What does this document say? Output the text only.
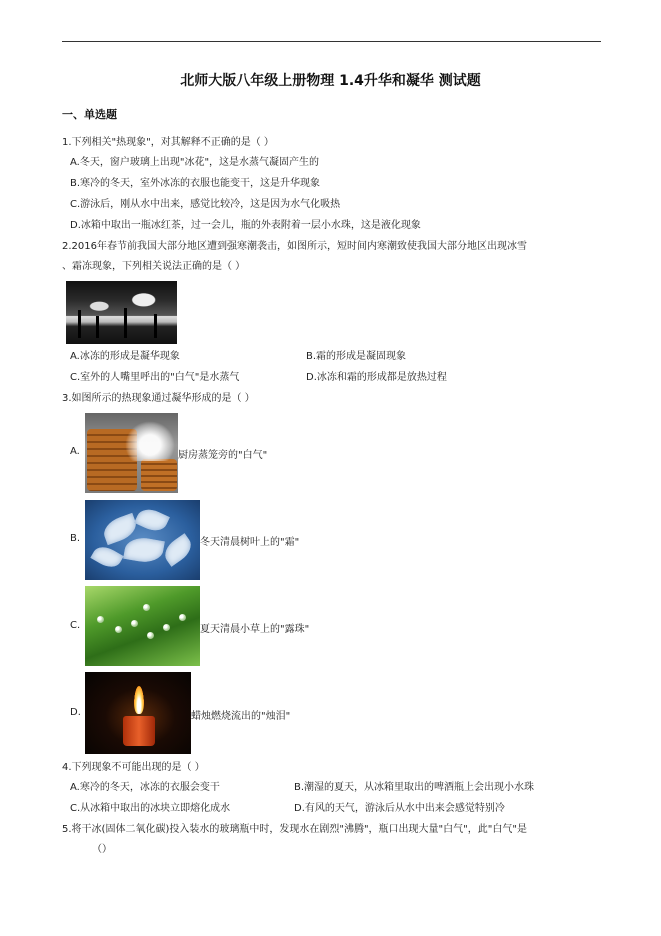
北师大版八年级上册物理 1.4升华和凝华 测试题
一、单选题
1.下列相关"热现象"，对其解释不正确的是（ ）
A.冬天，窗户玻璃上出现"冰花"，这是水蒸气凝固产生的
B.寒冷的冬天，室外冰冻的衣服也能变干，这是升华现象
C.游泳后，刚从水中出来，感觉比较冷，这是因为水气化吸热
D.冰箱中取出一瓶冰红茶，过一会儿，瓶的外表附着一层小水珠，这是液化现象
2.2016年春节前我国大部分地区遭到强寒潮袭击，如图所示，短时间内寒潮致使我国大部分地区出现冰雪
、霜冻现象，下列相关说法正确的是（ ）
A.冰冻的形成是凝华现象	B.霜的形成是凝固现象
C.室外的人嘴里呼出的"白气"是水蒸气	D.冰冻和霜的形成都是放热过程
3.如图所示的热现象通过凝华形成的是（ ）
A.	厨房蒸笼旁的"白气"
B.	冬天清晨树叶上的"霜"
C.	夏天清晨小草上的"露珠"
D.	蜡烛燃烧流出的"烛泪"
4.下列现象不可能出现的是（ ）
A.寒冷的冬天，冰冻的衣服会变干	B.潮湿的夏天，从冰箱里取出的啤酒瓶上会出现小水珠
C.从冰箱中取出的冰块立即熔化成水	D.有风的天气，游泳后从水中出来会感觉特别冷
5.将干冰(固体二氧化碳)投入装水的玻璃瓶中时，发现水在剧烈"沸腾"，瓶口出现大量"白气"，此"白气"是
（）
